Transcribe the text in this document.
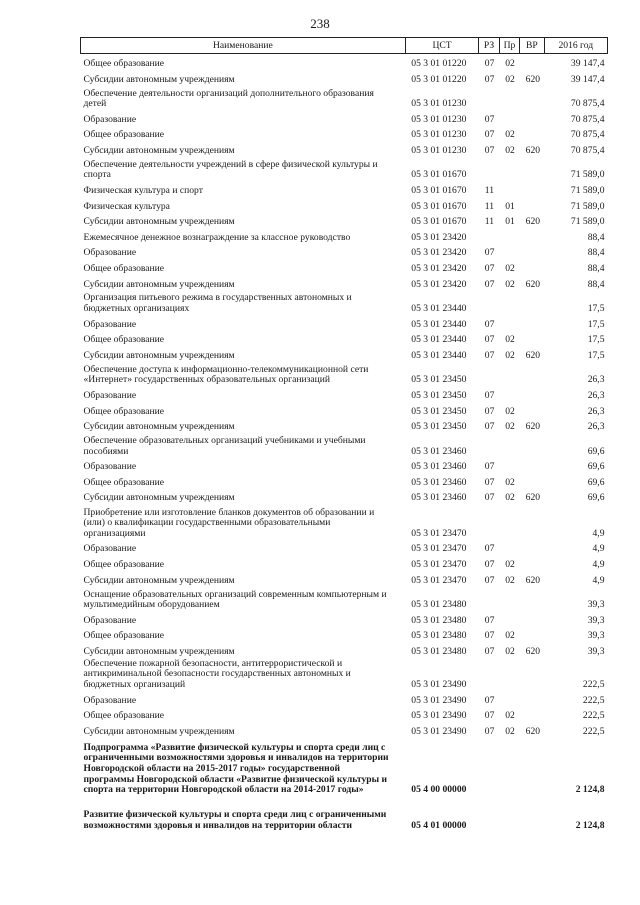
238
Наименование	ЦСТ	РЗ	Пр	ВР	2016 год
Общее образование	05 3 01 01220	07	02		39 147,4
Субсидии автономным учреждениям	05 3 01 01220	07	02	620	39 147,4
Обеспечение деятельности организаций дополнительного образования детей	05 3 01 01230				70 875,4
Образование	05 3 01 01230	07			70 875,4
Общее образование	05 3 01 01230	07	02		70 875,4
Субсидии автономным учреждениям	05 3 01 01230	07	02	620	70 875,4
Обеспечение деятельности учреждений в сфере физической культуры и спорта	05 3 01 01670				71 589,0
Физическая культура и спорт	05 3 01 01670	11			71 589,0
Физическая культура	05 3 01 01670	11	01		71 589,0
Субсидии автономным учреждениям	05 3 01 01670	11	01	620	71 589,0
Ежемесячное денежное вознаграждение за классное руководство	05 3 01 23420				88,4
Образование	05 3 01 23420	07			88,4
Общее образование	05 3 01 23420	07	02		88,4
Субсидии автономным учреждениям	05 3 01 23420	07	02	620	88,4
Организация питьевого режима в государственных автономных и бюджетных организациях	05 3 01 23440				17,5
Образование	05 3 01 23440	07			17,5
Общее образование	05 3 01 23440	07	02		17,5
Субсидии автономным учреждениям	05 3 01 23440	07	02	620	17,5
Обеспечение доступа к информационно-телекоммуникационной сети «Интернет» государственных образовательных организаций	05 3 01 23450				26,3
Образование	05 3 01 23450	07			26,3
Общее образование	05 3 01 23450	07	02		26,3
Субсидии автономным учреждениям	05 3 01 23450	07	02	620	26,3
Обеспечение образовательных организаций учебниками и учебными пособиями	05 3 01 23460				69,6
Образование	05 3 01 23460	07			69,6
Общее образование	05 3 01 23460	07	02		69,6
Субсидии автономным учреждениям	05 3 01 23460	07	02	620	69,6
Приобретение или изготовление бланков документов об образовании и (или) о квалификации государственными образовательными организациями	05 3 01 23470				4,9
Образование	05 3 01 23470	07			4,9
Общее образование	05 3 01 23470	07	02		4,9
Субсидии автономным учреждениям	05 3 01 23470	07	02	620	4,9
Оснащение образовательных организаций современным компьютерным и мультимедийным оборудованием	05 3 01 23480				39,3
Образование	05 3 01 23480	07			39,3
Общее образование	05 3 01 23480	07	02		39,3
Субсидии автономным учреждениям	05 3 01 23480	07	02	620	39,3
Обеспечение пожарной безопасности, антитеррористической и антикриминальной безопасности государственных автономных и бюджетных организаций	05 3 01 23490				222,5
Образование	05 3 01 23490	07			222,5
Общее образование	05 3 01 23490	07	02		222,5
Субсидии автономным учреждениям	05 3 01 23490	07	02	620	222,5
Подпрограмма «Развитие физической культуры и спорта среди лиц с ограниченными возможностями здоровья и инвалидов на территории Новгородской области на 2015-2017 годы» государственной программы Новгородской области «Развитие физической культуры и спорта на территории Новгородской области на 2014-2017 годы»	05 4 00 00000				2 124,8
Развитие физической культуры и спорта среди лиц с ограниченными возможностями здоровья и инвалидов на территории области	05 4 01 00000				2 124,8
